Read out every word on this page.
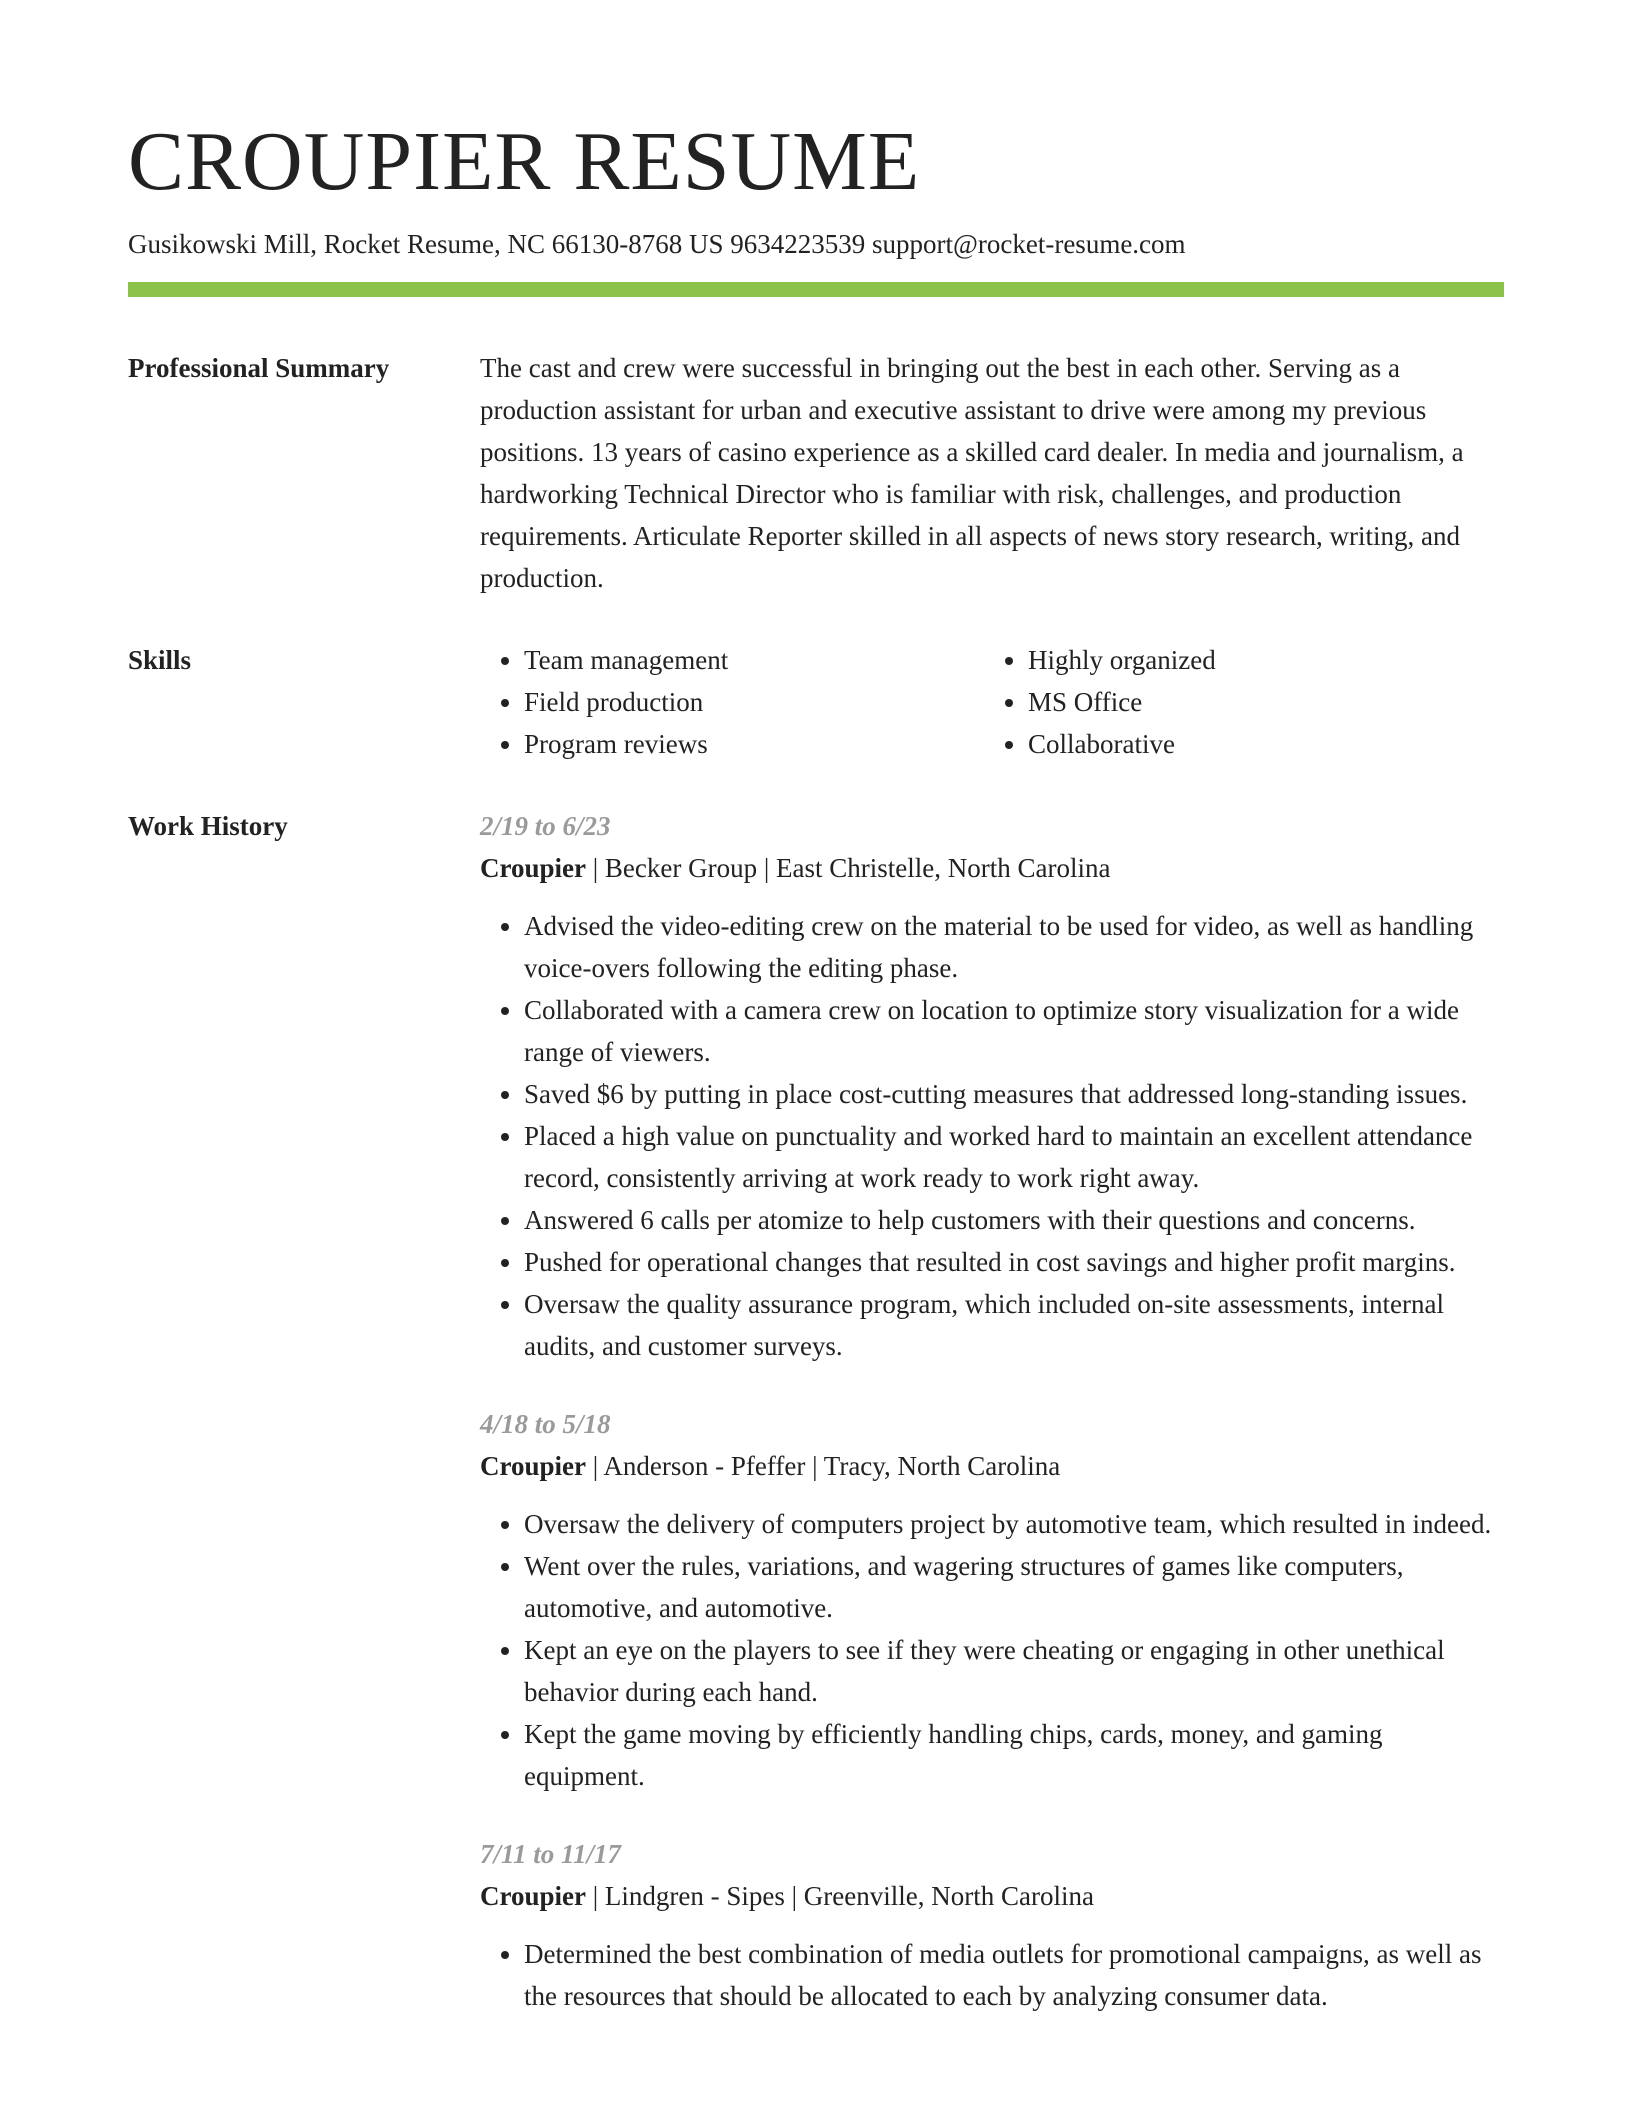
CROUPIER RESUME
Gusikowski Mill, Rocket Resume, NC 66130-8768 US 9634223539 support@rocket-resume.com
Professional Summary	The cast and crew were successful in bringing out the best in each other. Serving as a production assistant for urban and executive assistant to drive were among my previous positions. 13 years of casino experience as a skilled card dealer. In media and journalism, a hardworking Technical Director who is familiar with risk, challenges, and production requirements. Articulate Reporter skilled in all aspects of news story research, writing, and production.

Skills	• Team management
• Field production
• Program reviews
• Highly organized
• MS Office
• Collaborative
Work History	2/19 to 6/23
Croupier | Becker Group | East Christelle, North Carolina
• Advised the video-editing crew on the material to be used for video, as well as handling voice-overs following the editing phase.
• Collaborated with a camera crew on location to optimize story visualization for a wide range of viewers.
• Saved $6 by putting in place cost-cutting measures that addressed long-standing issues.
• Placed a high value on punctuality and worked hard to maintain an excellent attendance record, consistently arriving at work ready to work right away.
• Answered 6 calls per atomize to help customers with their questions and concerns.
• Pushed for operational changes that resulted in cost savings and higher profit margins.
• Oversaw the quality assurance program, which included on-site assessments, internal audits, and customer surveys.
4/18 to 5/18
Croupier | Anderson - Pfeffer | Tracy, North Carolina
• Oversaw the delivery of computers project by automotive team, which resulted in indeed.
• Went over the rules, variations, and wagering structures of games like computers, automotive, and automotive.
• Kept an eye on the players to see if they were cheating or engaging in other unethical behavior during each hand.
• Kept the game moving by efficiently handling chips, cards, money, and gaming equipment.
7/11 to 11/17
Croupier | Lindgren - Sipes | Greenville, North Carolina
• Determined the best combination of media outlets for promotional campaigns, as well as the resources that should be allocated to each by analyzing consumer data.
